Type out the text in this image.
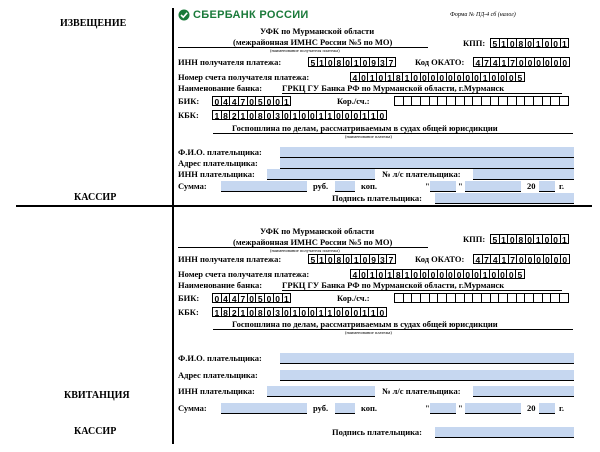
ИЗВЕЩЕНИЕ
КАССИР
КВИТАНЦИЯ
КАССИР
СБЕРБАНК РОССИИ	Форма № ПД-4 сб (налог)
УФК по Мурманской области
(межрайонная ИМНС России №5 по МО)
(наименование получателя платежа)
КПП: 5 1 0 8 0 1 0 0 1
ИНН получателя платежа:	5 1 0 8 0 1 0 9 3 7	Код ОКАТО: 4 7 4 1 7 0 0 0 0 0 0
Номер счета получателя платежа:	4 0 1 0 1 8 1 0 0 0 0 0 0 0 0 1 0 0 0 5
Наименование банка: ГРКЦ ГУ Банка РФ по Мурманской области, г.Мурманск
БИК: 0 4 4 7 0 5 0 0 1	Кор./сч.:
КБК: 1 8 2 1 0 8 0 3 0 1 0 0 1 1 0 0 0 1 1 0
Госпошлина по делам, рассматриваемым в судах общей юрисдикции
(наименование платежа)
Ф.И.О. плательщика:
Адрес плательщика:
ИНН плательщика:	№ л/с плательщика:
Сумма:	руб.	коп.	"	"	20	г.
Подпись плательщика:
УФК по Мурманской области
(межрайонная ИМНС России №5 по МО)
(наименование получателя платежа)
КПП: 5 1 0 8 0 1 0 0 1
ИНН получателя платежа:	5 1 0 8 0 1 0 9 3 7	Код ОКАТО: 4 7 4 1 7 0 0 0 0 0 0
Номер счета получателя платежа:	4 0 1 0 1 8 1 0 0 0 0 0 0 0 0 1 0 0 0 5
Наименование банка: ГРКЦ ГУ Банка РФ по Мурманской области, г.Мурманск
БИК: 0 4 4 7 0 5 0 0 1	Кор./сч.:
КБК: 1 8 2 1 0 8 0 3 0 1 0 0 1 1 0 0 0 1 1 0
Госпошлина по делам, рассматриваемым в судах общей юрисдикции
(наименование платежа)
Ф.И.О. плательщика:
Адрес плательщика:
ИНН плательщика:	№ л/с плательщика:
Сумма:	руб.	коп.	"	"	20	г.
Подпись плательщика:
